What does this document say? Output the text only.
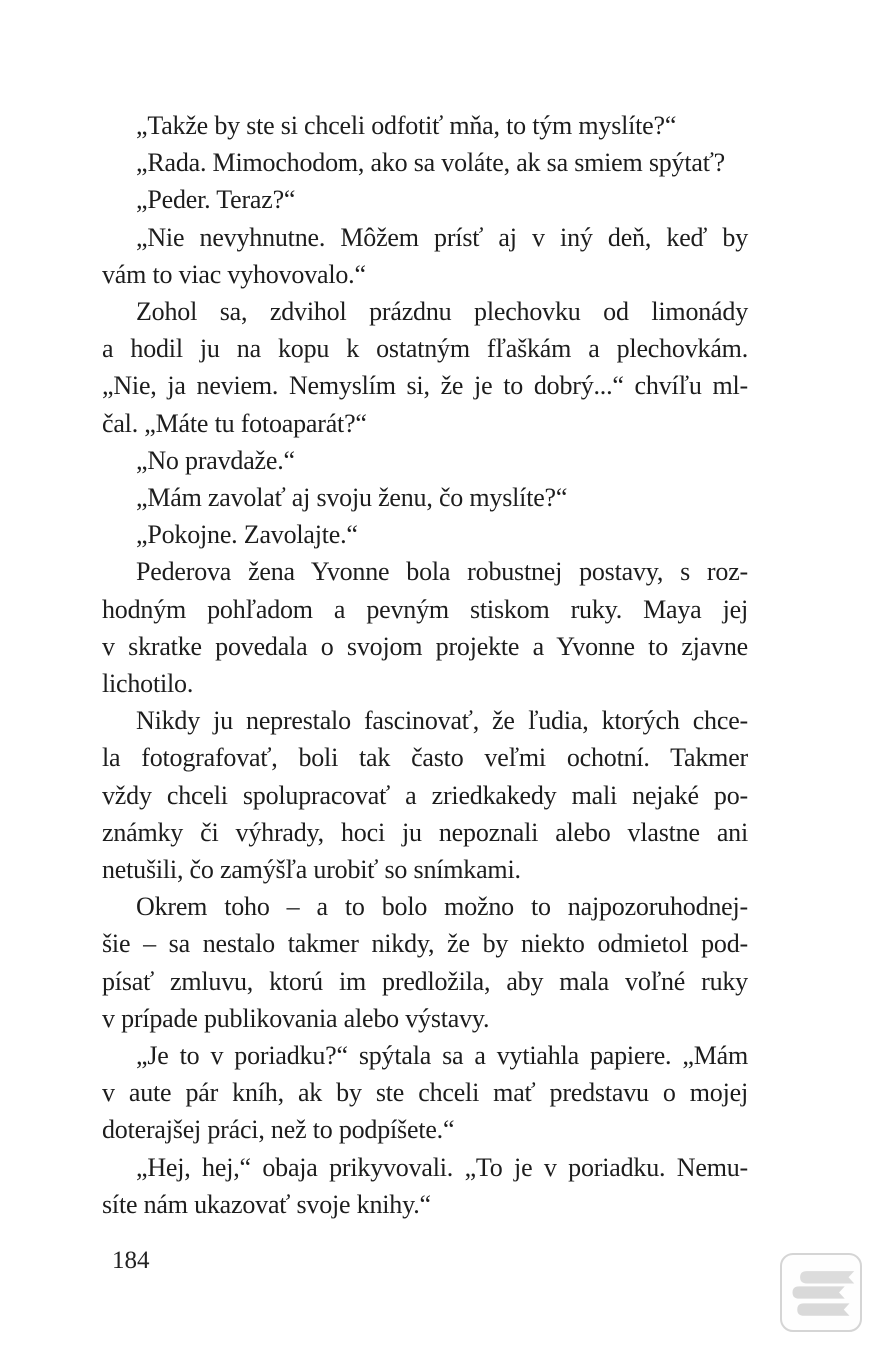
„Takže by ste si chceli odfotiť mňa, to tým myslíte?“
„Rada. Mimochodom, ako sa voláte, ak sa smiem spýtať?
„Peder. Teraz?“
„Nie nevyhnutne. Môžem prísť aj v iný deň, keď by
vám to viac vyhovovalo.“
Zohol sa, zdvihol prázdnu plechovku od limonády
a hodil ju na kopu k ostatným fľaškám a plechovkám.
„Nie, ja neviem. Nemyslím si, že je to dobrý...“ chvíľu ml-
čal. „Máte tu fotoaparát?“
„No pravdaže.“
„Mám zavolať aj svoju ženu, čo myslíte?“
„Pokojne. Zavolajte.“
Pederova žena Yvonne bola robustnej postavy, s roz-
hodným pohľadom a pevným stiskom ruky. Maya jej
v skratke povedala o svojom projekte a Yvonne to zjavne
lichotilo.
Nikdy ju neprestalo fascinovať, že ľudia, ktorých chce-
la fotografovať, boli tak často veľmi ochotní. Takmer
vždy chceli spolupracovať a zriedkakedy mali nejaké po-
známky či výhrady, hoci ju nepoznali alebo vlastne ani
netušili, čo zamýšľa urobiť so snímkami.
Okrem toho – a to bolo možno to najpozoruhodnej-
šie – sa nestalo takmer nikdy, že by niekto odmietol pod-
písať zmluvu, ktorú im predložila, aby mala voľné ruky
v prípade publikovania alebo výstavy.
„Je to v poriadku?“ spýtala sa a vytiahla papiere. „Mám
v aute pár kníh, ak by ste chceli mať predstavu o mojej
doterajšej práci, než to podpíšete.“
„Hej, hej,“ obaja prikyvovali. „To je v poriadku. Nemu-
síte nám ukazovať svoje knihy.“
184
